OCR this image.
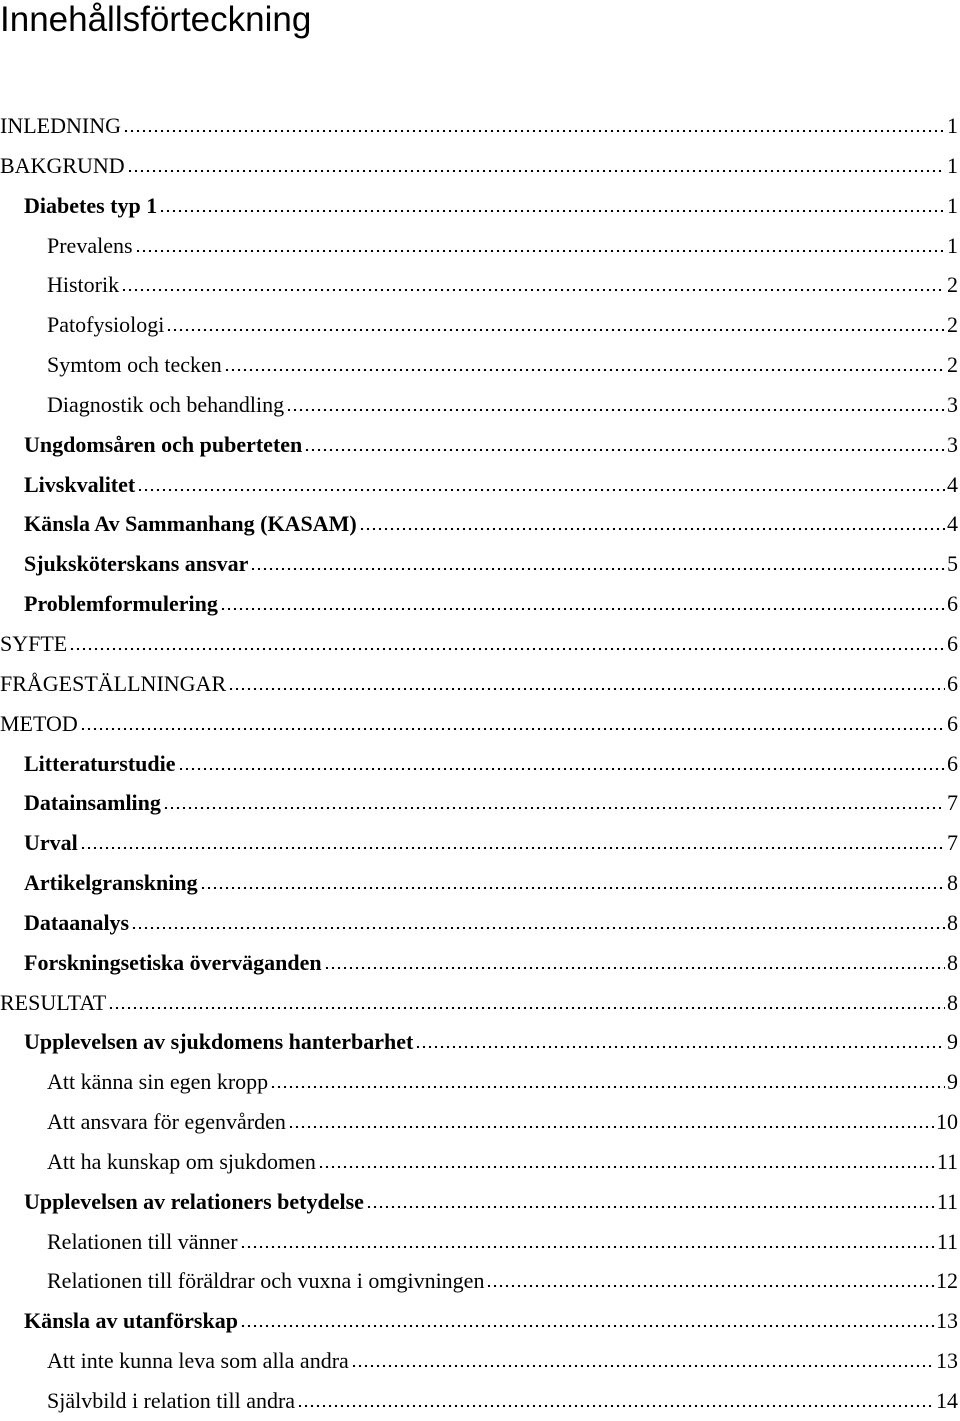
Innehållsförteckning
INLEDNING	1
BAKGRUND	1
Diabetes typ 1	1
Prevalens	1
Historik	2
Patofysiologi	2
Symtom och tecken	2
Diagnostik och behandling	3
Ungdomsåren och puberteten	3
Livskvalitet	4
Känsla Av Sammanhang (KASAM)	4
Sjuksköterskans ansvar	5
Problemformulering	6
SYFTE	6
FRÅGESTÄLLNINGAR	6
METOD	6
Litteraturstudie	6
Datainsamling	7
Urval	7
Artikelgranskning	8
Dataanalys	8
Forskningsetiska överväganden	8
RESULTAT	8
Upplevelsen av sjukdomens hanterbarhet	9
Att känna sin egen kropp	9
Att ansvara för egenvården	10
Att ha kunskap om sjukdomen	11
Upplevelsen av relationers betydelse	11
Relationen till vänner	11
Relationen till föräldrar och vuxna i omgivningen	12
Känsla av utanförskap	13
Att inte kunna leva som alla andra	13
Självbild i relation till andra	14
